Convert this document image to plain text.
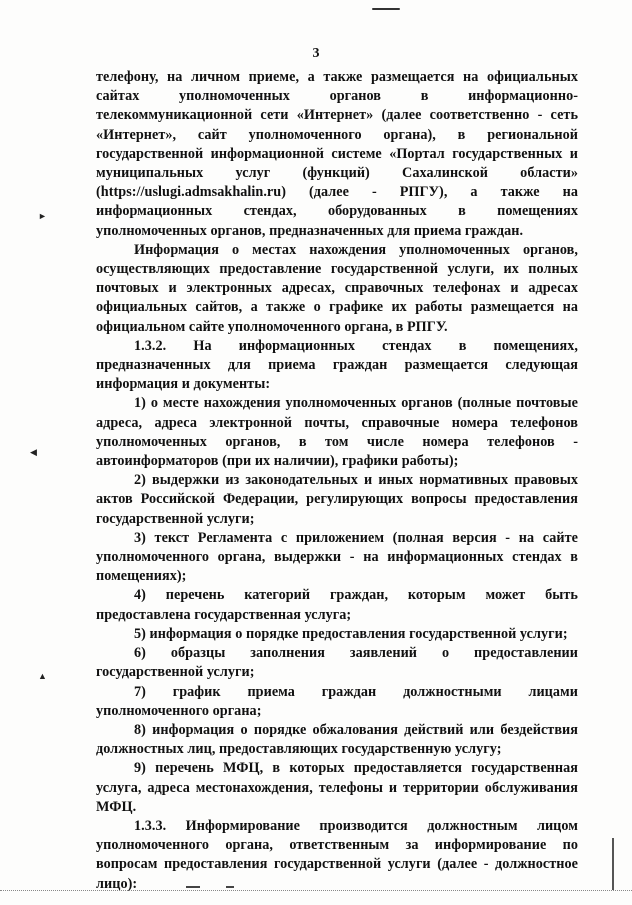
3

телефону, на личном приеме, а также размещается на официальных сайтах уполномоченных органов в информационно-телекоммуникационной сети «Интернет» (далее соответственно - сеть «Интернет», сайт уполномоченного органа), в региональной государственной информационной системе «Портал государственных и муниципальных услуг (функций) Сахалинской области» (https://uslugi.admsakhalin.ru) (далее - РПГУ), а также на информационных стендах, оборудованных в помещениях уполномоченных органов, предназначенных для приема граждан.

Информация о местах нахождения уполномоченных органов, осуществляющих предоставление государственной услуги, их полных почтовых и электронных адресах, справочных телефонах и адресах официальных сайтов, а также о графике их работы размещается на официальном сайте уполномоченного органа, в РПГУ.

1.3.2. На информационных стендах в помещениях, предназначенных для приема граждан размещается следующая информация и документы:

1) о месте нахождения уполномоченных органов (полные почтовые адреса, адреса электронной почты, справочные номера телефонов уполномоченных органов, в том числе номера телефонов - автоинформаторов (при их наличии), графики работы);

2) выдержки из законодательных и иных нормативных правовых актов Российской Федерации, регулирующих вопросы предоставления государственной услуги;

3) текст Регламента с приложением (полная версия - на сайте уполномоченного органа, выдержки - на информационных стендах в помещениях);

4) перечень категорий граждан, которым может быть предоставлена государственная услуга;

5) информация о порядке предоставления государственной услуги;

6) образцы заполнения заявлений о предоставлении государственной услуги;

7) график приема граждан должностными лицами уполномоченного органа;

8) информация о порядке обжалования действий или бездействия должностных лиц, предоставляющих государственную услугу;

9) перечень МФЦ, в которых предоставляется государственная услуга, адреса местонахождения, телефоны и территории обслуживания МФЦ.

1.3.3. Информирование производится должностным лицом уполномоченного органа, ответственным за информирование по вопросам предоставления государственной услуги (далее - должностное лицо):

►
◀
▲
